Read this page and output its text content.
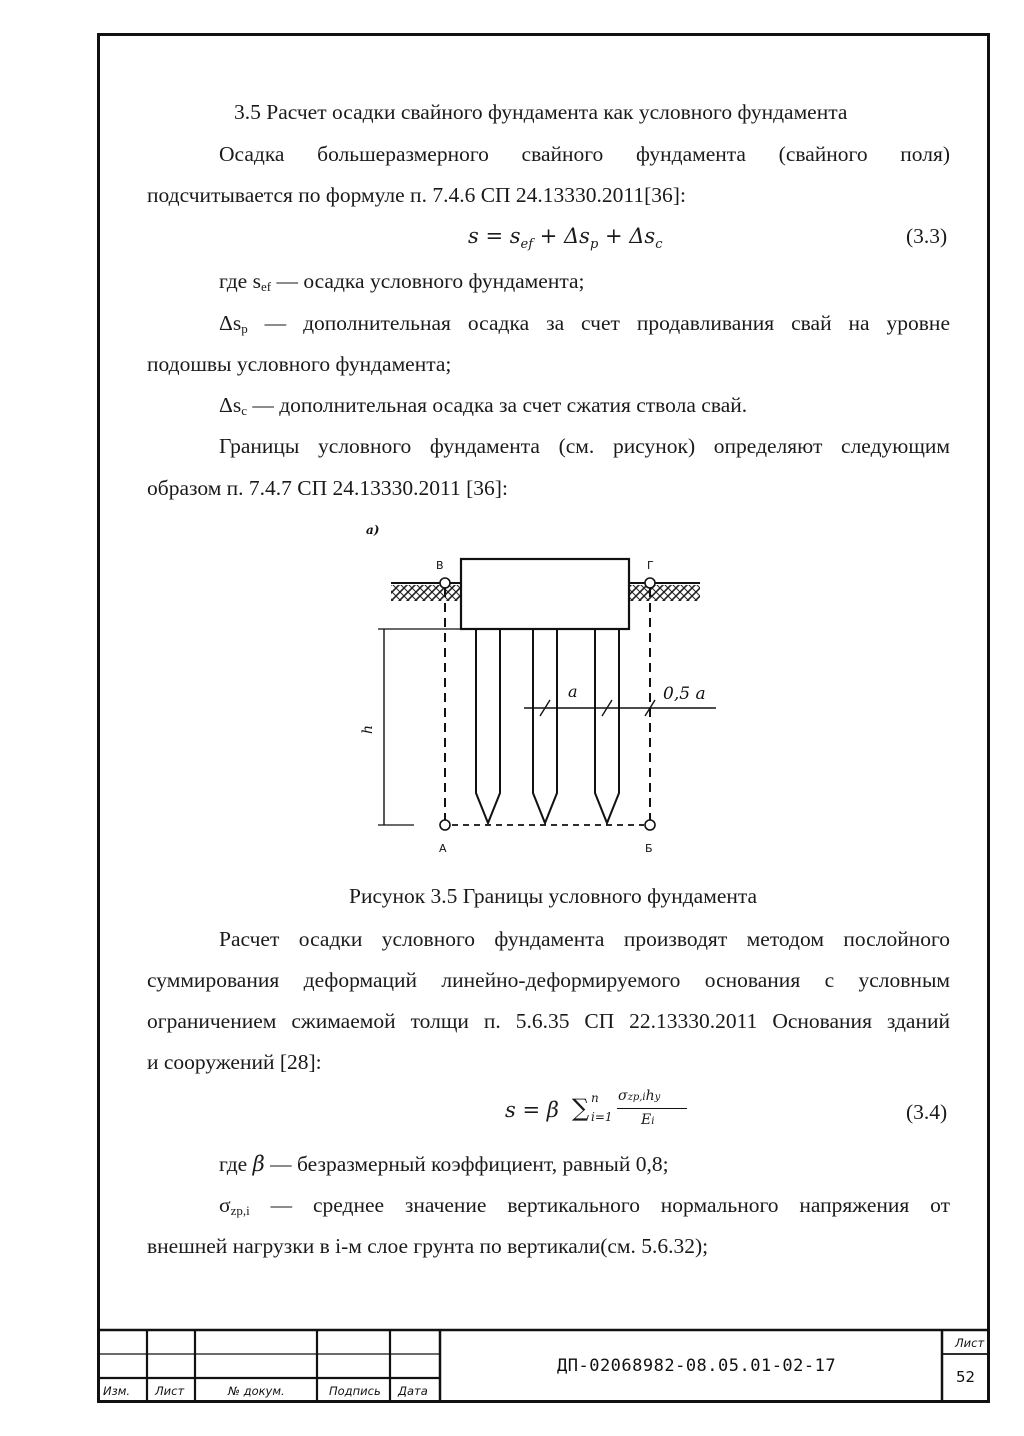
3.5 Расчет осадки свайного фундамента как условного фундамента
Осадка большеразмерного свайного фундамента (свайного поля)
подсчитывается по формуле п. 7.4.6 СП 24.13330.2011[36]:
$s = s_{ef} + \Delta s_p + \Delta s_c$	(3.3)
где sef — осадка условного фундамента;
Δsp — дополнительная осадка за счет продавливания свай на уровне
подошвы условного фундамента;
Δsc — дополнительная осадка за счет сжатия ствола свай.
Границы условного фундамента (см. рисунок) определяют следующим
образом п. 7.4.7 СП 24.13330.2011 [36]:
а)
В	Г
А	Б
h
a	0,5 a
Рисунок 3.5 Границы условного фундамента
Расчет осадки условного фундамента производят методом послойного
суммирования деформаций линейно-деформируемого основания с условным
ограничением сжимаемой толщи п. 5.6.35 СП 22.13330.2011 Основания зданий
и сооружений [28]:
s = β ∑ n
i=1
σzp,ihy
Ei	(3.4)
где β — безразмерный коэффициент, равный 0,8;
σzp,i — среднее значение вертикального нормального напряжения от
внешней нагрузки в i-м слое грунта по вертикали(см. 5.6.32);
Изм. Лист	№ докум.	Подпись Дата
ДП-02068982-08.05.01-02-17
Лист
52
